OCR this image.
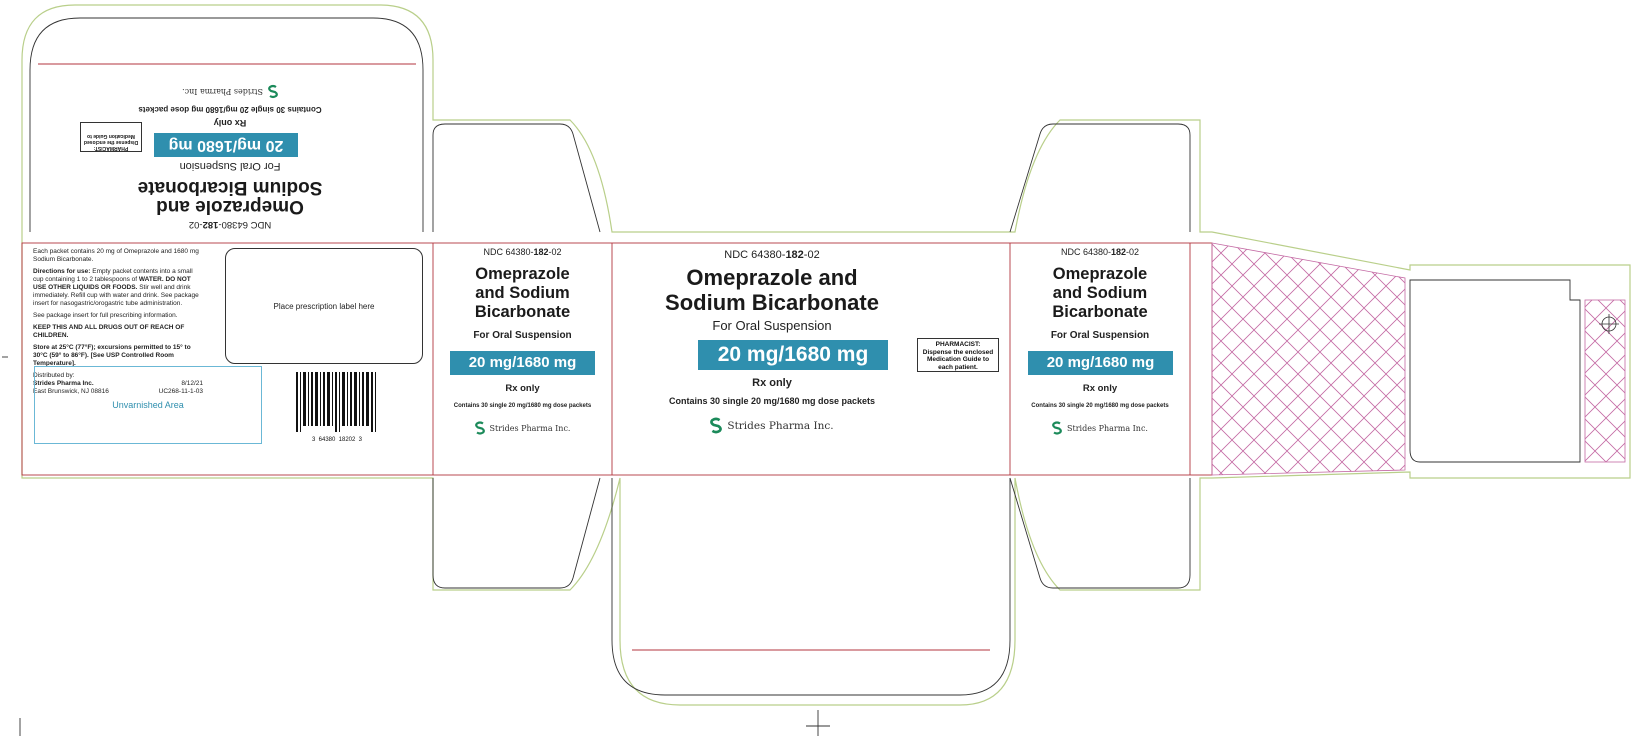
NDC 64380-182-02
Omeprazole and
Sodium Bicarbonate
For Oral Suspension
20 mg/1680 mg
PHARMACIST:
Dispense the enclosed
Medication Guide to
Rx only
Contains 30 single 20 mg/1680 mg dose packets
Strides Pharma Inc.
Each packet contains 20 mg of Omeprazole and 1680 mg Sodium Bicarbonate.
Directions for use: Empty packet contents into a small cup containing 1 to 2 tablespoons of WATER. DO NOT USE OTHER LIQUIDS OR FOODS. Stir well and drink immediately. Refill cup with water and drink. See package insert for nasogastric/orogastric tube administration.
See package insert for full prescribing information.
KEEP THIS AND ALL DRUGS OUT OF REACH OF CHILDREN.
Store at 25°C (77°F); excursions permitted to 15° to 30°C (59° to 86°F). [See USP Controlled Room Temperature].
Distributed by:
Strides Pharma Inc.	8/12/21
East Brunswick, NJ 08816	UC268-11-1-03
Place prescription label here
Unvarnished Area
3  64380  18202  3
NDC 64380-182-02
Omeprazole
and Sodium
Bicarbonate
For Oral Suspension
20 mg/1680 mg
Rx only
Contains 30 single 20 mg/1680 mg dose packets
Strides Pharma Inc.
NDC 64380-182-02
Omeprazole and
Sodium Bicarbonate
For Oral Suspension
20 mg/1680 mg	PHARMACIST:
Dispense the enclosed
Medication Guide to
each patient.
Rx only
Contains 30 single 20 mg/1680 mg dose packets
Strides Pharma Inc.
NDC 64380-182-02
Omeprazole
and Sodium
Bicarbonate
For Oral Suspension
20 mg/1680 mg
Rx only
Contains 30 single 20 mg/1680 mg dose packets
Strides Pharma Inc.
